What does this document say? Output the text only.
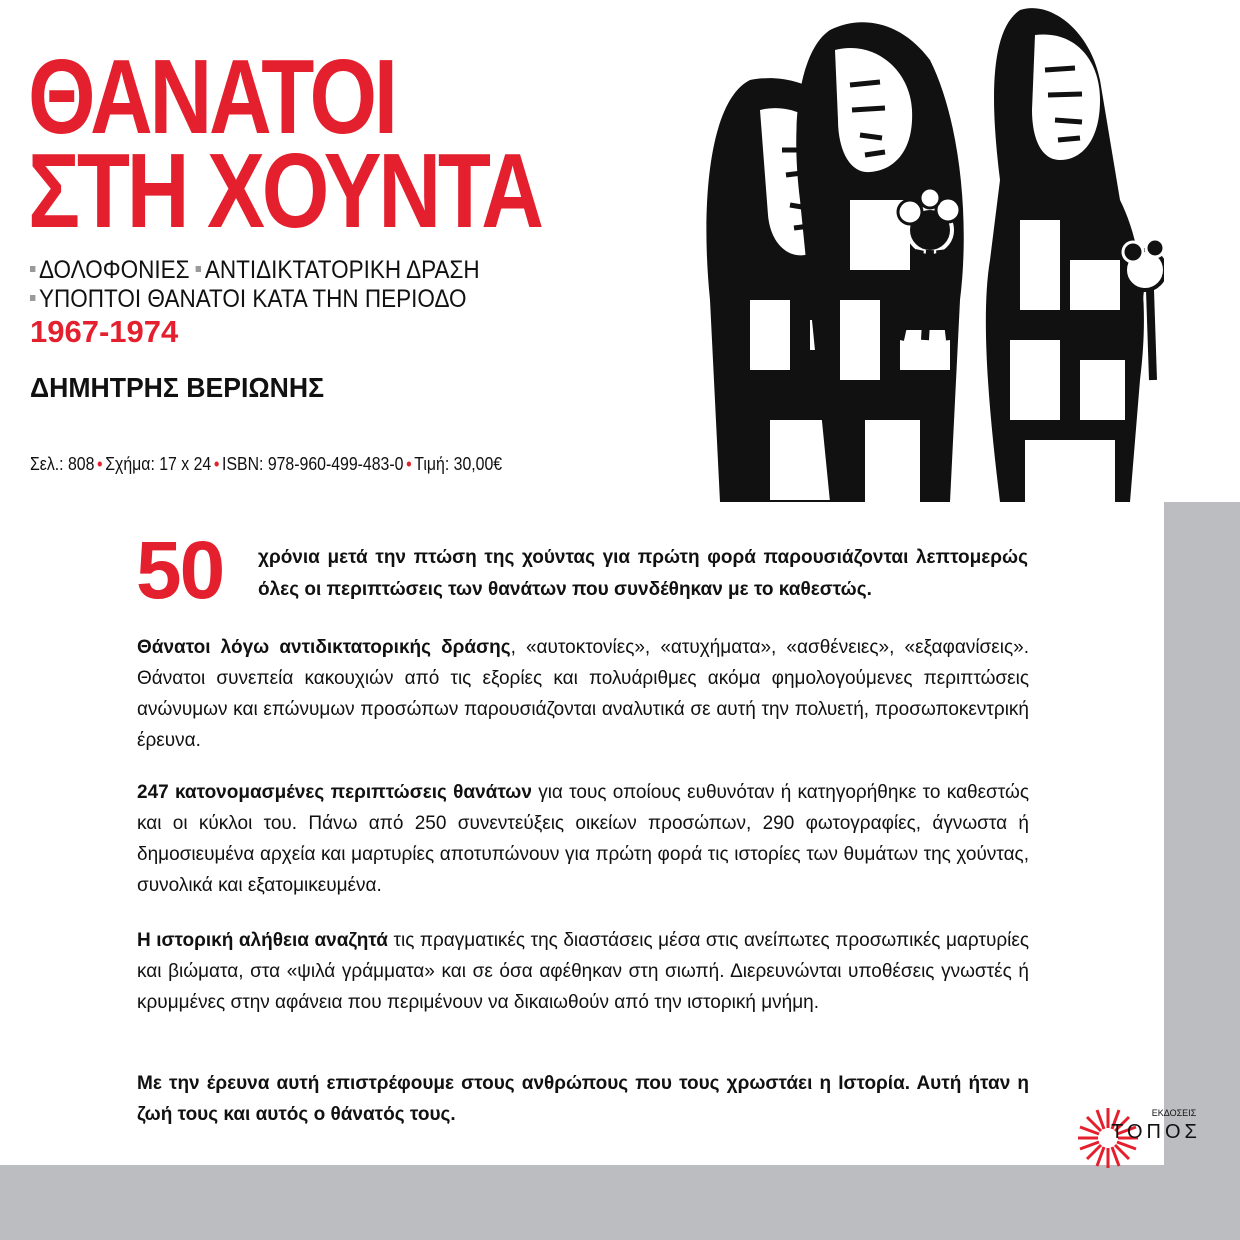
ΘΑΝΑΤΟΙ
ΣΤΗ ΧΟΥΝΤΑ
ΔΟΛΟΦΟΝΙΕΣ ΑΝΤΙΔΙΚΤΑΤΟΡΙΚΗ ΔΡΑΣΗ
ΥΠΟΠΤΟΙ ΘΑΝΑΤΟΙ ΚΑΤΑ ΤΗΝ ΠΕΡΙΟΔΟ
1967-1974
ΔΗΜΗΤΡΗΣ ΒΕΡΙΩΝΗΣ
Σελ.: 808 • Σχήμα: 17 x 24 • ISBN: 978-960-499-483-0 • Τιμή: 30,00€
50 χρόνια μετά την πτώση της χούντας για πρώτη φορά παρουσιάζονται λεπτομερώς όλες οι περιπτώσεις των θανάτων που συνδέθηκαν με το καθεστώς.

Θάνατοι λόγω αντιδικτατορικής δράσης, «αυτοκτονίες», «ατυχήματα», «ασθένειες», «εξαφανίσεις». Θάνατοι συνεπεία κακουχιών από τις εξορίες και πολυάριθμες ακόμα φημολογούμενες περιπτώσεις ανώνυμων και επώνυμων προσώπων παρουσιάζονται αναλυτικά σε αυτή την πολυετή, προσωποκεντρική έρευνα.

247 κατονομασμένες περιπτώσεις θανάτων για τους οποίους ευθυνόταν ή κατηγορήθηκε το καθεστώς και οι κύκλοι του. Πάνω από 250 συνεντεύξεις οικείων προσώπων, 290 φωτογραφίες, άγνωστα ή δημοσιευμένα αρχεία και μαρτυρίες αποτυπώνουν για πρώτη φορά τις ιστορίες των θυμάτων της χούντας, συνολικά και εξατομικευμένα.

Η ιστορική αλήθεια αναζητά τις πραγματικές της διαστάσεις μέσα στις ανείπωτες προσωπικές μαρτυρίες και βιώματα, στα «ψιλά γράμματα» και σε όσα αφέθηκαν στη σιωπή. Διερευνώνται υποθέσεις γνωστές ή κρυμμένες στην αφάνεια που περιμένουν να δικαιωθούν από την ιστορική μνήμη.

Με την έρευνα αυτή επιστρέφουμε στους ανθρώπους που τους χρωστάει η Ιστορία. Αυτή ήταν η ζωή τους και αυτός ο θάνατός τους.	ΕΚΔΟΣΕΙΣ
ΤΟΠΟΣ
